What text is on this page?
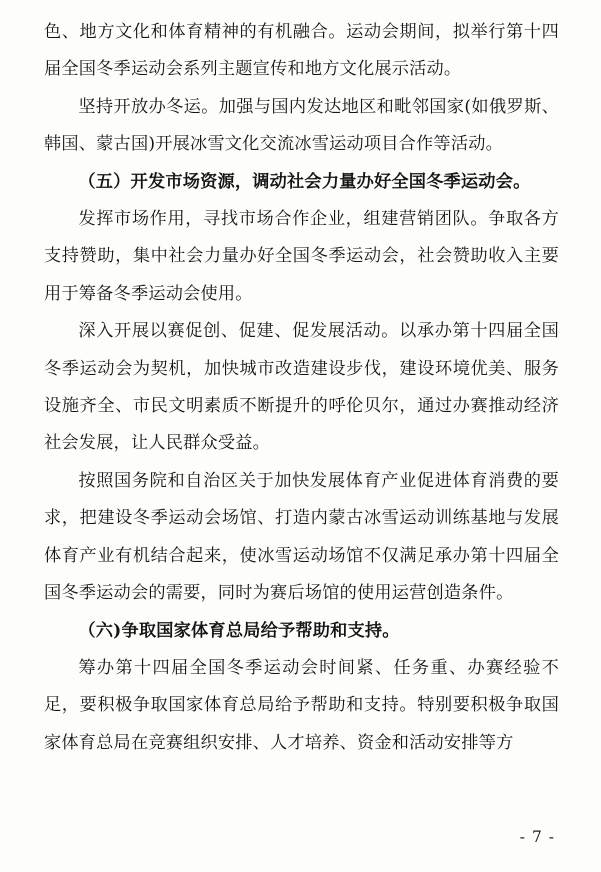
色、地方文化和体育精神的有机融合。运动会期间，拟举行第十四届全国冬季运动会系列主题宣传和地方文化展示活动。

坚持开放办冬运。加强与国内发达地区和毗邻国家(如俄罗斯、韩国、蒙古国)开展冰雪文化交流冰雪运动项目合作等活动。

（五）开发市场资源，调动社会力量办好全国冬季运动会。

发挥市场作用，寻找市场合作企业，组建营销团队。争取各方支持赞助，集中社会力量办好全国冬季运动会，社会赞助收入主要用于筹备冬季运动会使用。

深入开展以赛促创、促建、促发展活动。以承办第十四届全国冬季运动会为契机，加快城市改造建设步伐，建设环境优美、服务设施齐全、市民文明素质不断提升的呼伦贝尔，通过办赛推动经济社会发展，让人民群众受益。

按照国务院和自治区关于加快发展体育产业促进体育消费的要求，把建设冬季运动会场馆、打造内蒙古冰雪运动训练基地与发展体育产业有机结合起来，使冰雪运动场馆不仅满足承办第十四届全国冬季运动会的需要，同时为赛后场馆的使用运营创造条件。

（六)争取国家体育总局给予帮助和支持。

筹办第十四届全国冬季运动会时间紧、任务重、办赛经验不足，要积极争取国家体育总局给予帮助和支持。特别要积极争取国家体育总局在竞赛组织安排、人才培养、资金和活动安排等方

- 7 -
